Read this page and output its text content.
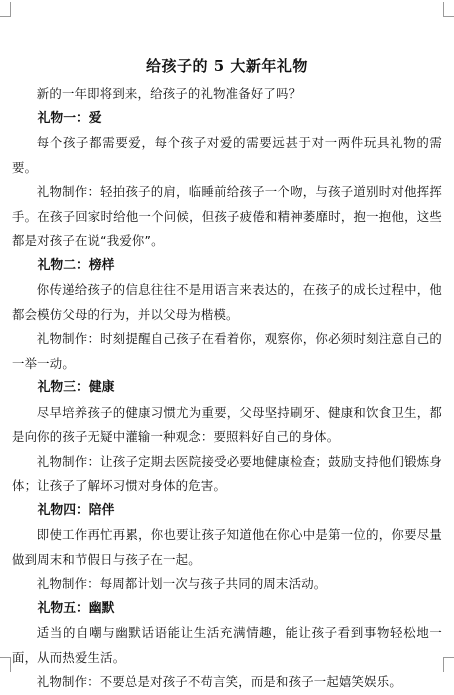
给孩子的 5 大新年礼物

新的一年即将到来，给孩子的礼物准备好了吗？

礼物一：爱

每个孩子都需要爱，每个孩子对爱的需要远甚于对一两件玩具礼物的需要。

礼物制作：轻拍孩子的肩，临睡前给孩子一个吻，与孩子道别时对他挥挥手。在孩子回家时给他一个问候，但孩子疲倦和精神萎靡时，抱一抱他，这些都是对孩子在说“我爱你”。

礼物二：榜样

你传递给孩子的信息往往不是用语言来表达的，在孩子的成长过程中，他都会模仿父母的行为，并以父母为楷模。

礼物制作：时刻提醒自己孩子在看着你，观察你，你必须时刻注意自己的一举一动。

礼物三：健康

尽早培养孩子的健康习惯尤为重要，父母坚持刷牙、健康和饮食卫生，都是向你的孩子无疑中灌输一种观念：要照料好自己的身体。

礼物制作：让孩子定期去医院接受必要地健康检查；鼓励支持他们锻炼身体；让孩子了解坏习惯对身体的危害。

礼物四：陪伴

即使工作再忙再累，你也要让孩子知道他在你心中是第一位的，你要尽量做到周末和节假日与孩子在一起。

礼物制作：每周都计划一次与孩子共同的周末活动。

礼物五：幽默

适当的自嘲与幽默话语能让生活充满情趣，能让孩子看到事物轻松地一面，从而热爱生活。

礼物制作：不要总是对孩子不苟言笑，而是和孩子一起嬉笑娱乐。
